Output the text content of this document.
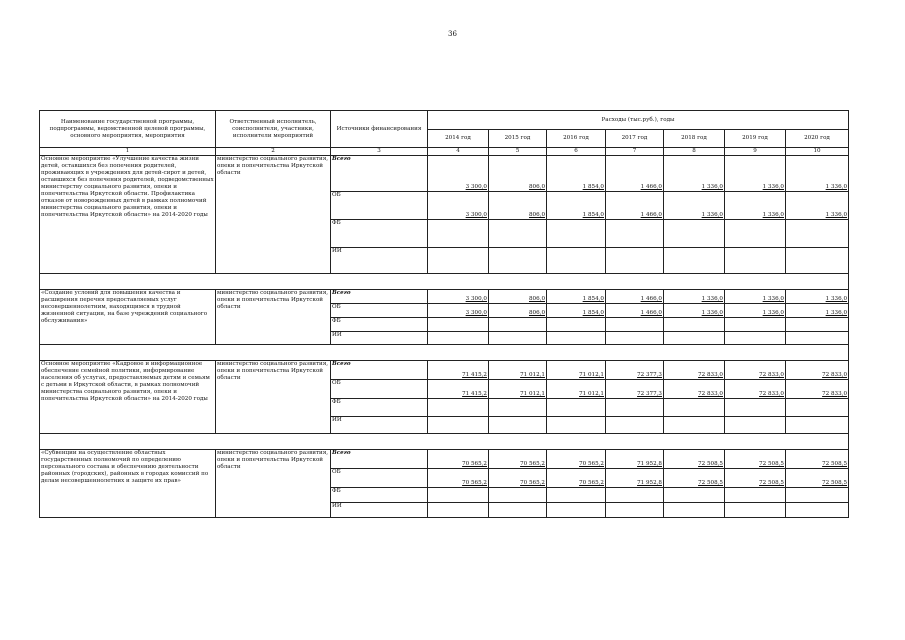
36
Наименование государственной программы, подпрограммы, ведомственной целевой программы, основного мероприятия, мероприятия	Ответственный исполнитель, соисполнители, участники, исполнители мероприятий	Источники финансирования	Расходы (тыс.руб.), годы						
			2014 год	2015 год	2016 год	2017 год	2018 год	2019 год	2020 год
1	2	3	4	5	6	7	8	9	10
Основное мероприятие «Улучшение качества жизни детей, оставшихся без попечения родителей, проживающих в учреждениях для детей-сирот и детей, оставшихся без попечения родителей, подведомственных министерству социального развития, опеки и попечительства Иркутской области. Профилактика отказов от новорожденных детей в рамках полномочий министерства социального развития, опеки и попечительства Иркутской области» на 2014-2020 годы	министерство социального развития, опеки и попечительства Иркутской области	Всего	3 300,0	806,0	1 854,0	1 466,0	1 336,0	1 336,0	1 336,0
		ОБ	3 300,0	806,0	1 854,0	1 466,0	1 336,0	1 336,0	1 336,0
		ФБ							
		ИИ							

«Создание условий для повышения качества и расширения перечня предоставляемых услуг несовершеннолетним, находящимся в трудной жизненной ситуации, на базе учреждений социального обслуживания»	министерство социального развития, опеки и попечительства Иркутской области	Всего	3 300,0	806,0	1 854,0	1 466,0	1 336,0	1 336,0	1 336,0
		ОБ	3 300,0	806,0	1 854,0	1 466,0	1 336,0	1 336,0	1 336,0
		ФБ							
		ИИ							

Основное мероприятие «Кадровое и информационное обеспечение семейной политики, информирование населения об услугах, предоставляемых детям и семьям с детьми в Иркутской области, в рамках полномочий министерства социального развития, опеки и попечительства Иркутской области» на 2014-2020 годы	министерство социального развития, опеки и попечительства Иркутской области	Всего	71 415,2	71 012,1	71 012,1	72 377,3	72 833,0	72 833,0	72 833,0
		ОБ	71 415,2	71 012,1	71 012,1	72 377,3	72 833,0	72 833,0	72 833,0
		ФБ							
		ИИ							

«Субвенции на осуществление областных государственных полномочий по определению персонального состава и обеспечению деятельности районных (городских), районных в городах комиссий по делам несовершеннолетних и защите их прав»	министерство социального развития, опеки и попечительства Иркутской области	Всего	70 565,2	70 565,2	70 565,2	71 952,8	72 508,5	72 508,5	72 508,5
		ОБ	70 565,2	70 565,2	70 565,2	71 952,8	72 508,5	72 508,5	72 508,5
		ФБ							
		ИИ							
